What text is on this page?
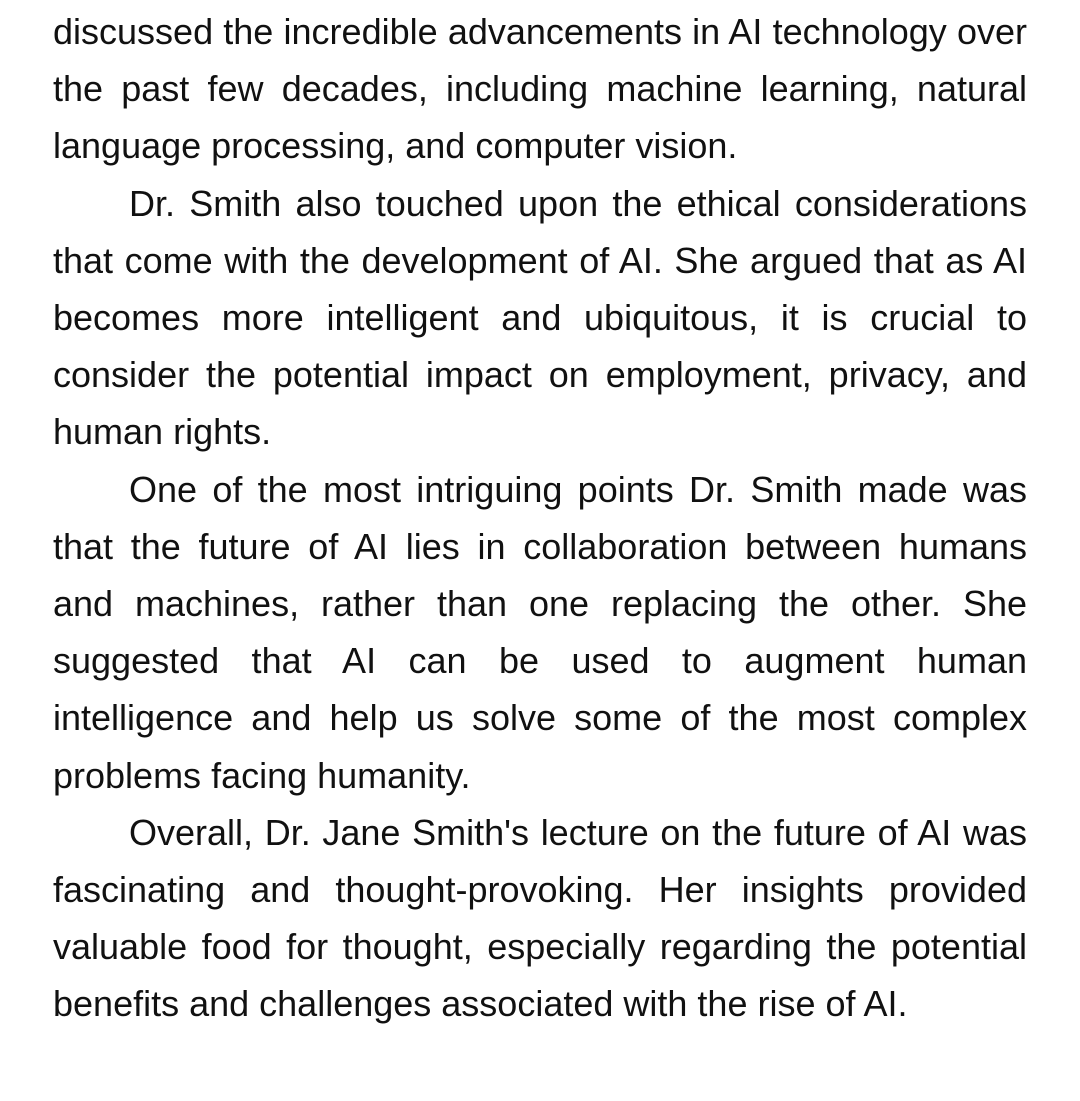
discussed the incredible advancements in AI technology over the past few decades, including machine learning, natural language processing, and computer vision.

Dr. Smith also touched upon the ethical considerations that come with the development of AI. She argued that as AI becomes more intelligent and ubiquitous, it is crucial to consider the potential impact on employment, privacy, and human rights.

One of the most intriguing points Dr. Smith made was that the future of AI lies in collaboration between humans and machines, rather than one replacing the other. She suggested that AI can be used to augment human intelligence and help us solve some of the most complex problems facing humanity.

Overall, Dr. Jane Smith's lecture on the future of AI was fascinating and thought-provoking. Her insights provided valuable food for thought, especially regarding the potential benefits and challenges associated with the rise of AI.
